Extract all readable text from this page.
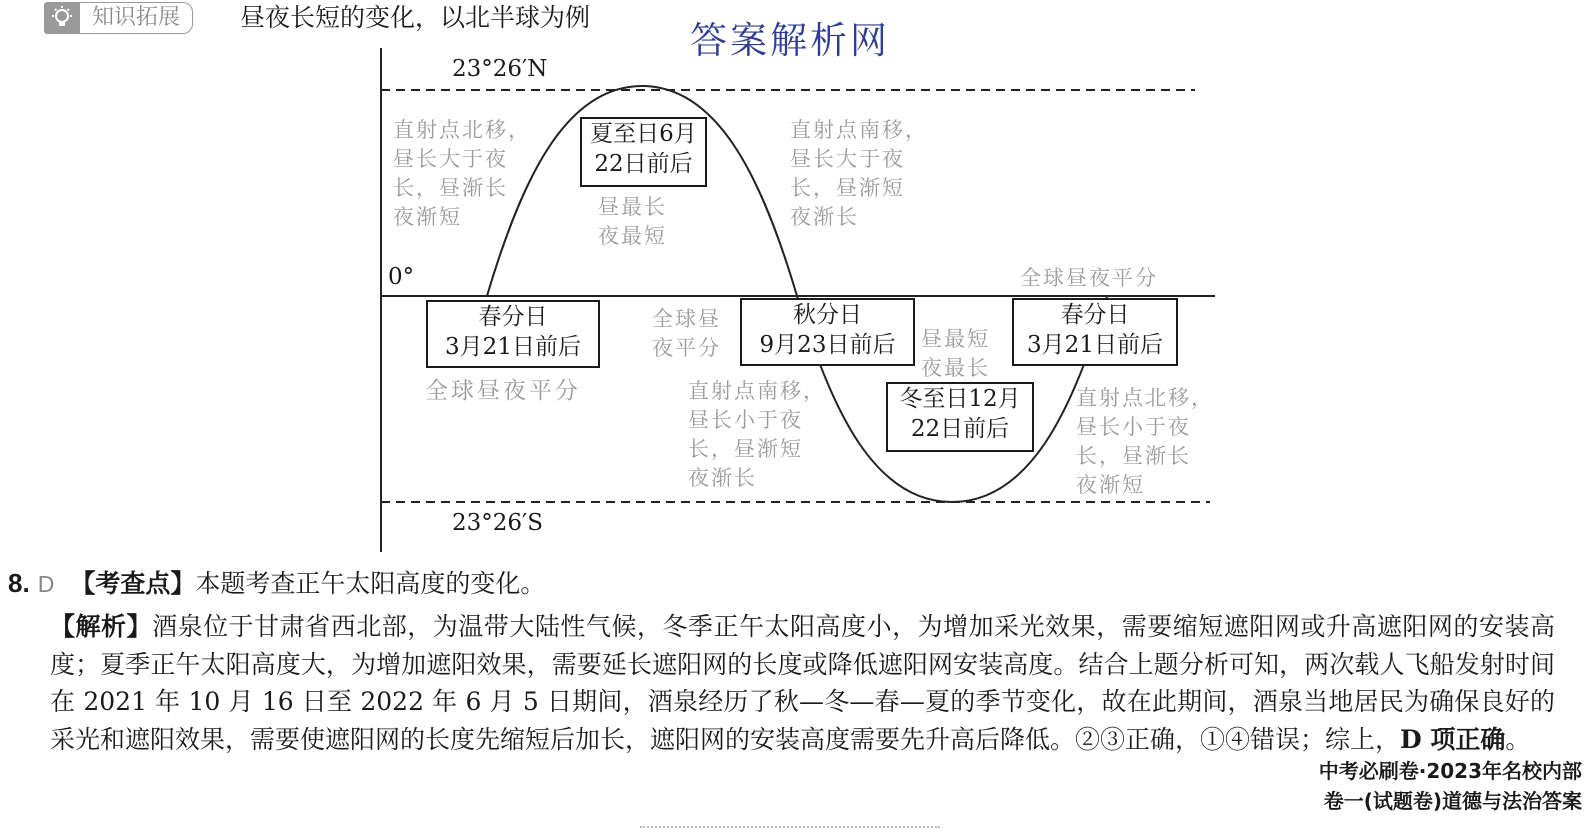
知识拓展	昼夜长短的变化，以北半球为例
答案解析网
23°26′N
0°
23°26′S
夏至日6月
22日前后
春分日
3月21日前后
秋分日
9月23日前后
冬至日12月
22日前后
春分日
3月21日前后
直射点北移，
昼长大于夜
长，昼渐长
夜渐短	昼最长
夜最短
直射点南移，
昼长大于夜
长，昼渐短
夜渐长
全球昼夜平分
全球昼
夜平分	昼最短
夜最长
全球昼夜平分	直射点南移，
昼长小于夜
长，昼渐短
夜渐长
直射点北移，
昼长小于夜
长，昼渐长
夜渐短
8. D 【考查点】本题考查正午太阳高度的变化。
【解析】酒泉位于甘肃省西北部，为温带大陆性气候，冬季正午太阳高度小，为增加采光效果，需要缩短遮阳网或升高遮阳网的安装高度；夏季正午太阳高度大，为增加遮阳效果，需要延长遮阳网的长度或降低遮阳网安装高度。结合上题分析可知，两次载人飞船发射时间在 2021 年 10 月 16 日至 2022 年 6 月 5 日期间，酒泉经历了秋—冬—春—夏的季节变化，故在此期间，酒泉当地居民为确保良好的采光和遮阳效果，需要使遮阳网的长度先缩短后加长，遮阳网的安装高度需要先升高后降低。②③正确，①④错误；综上，D 项正确。
中考必刷卷·2023年名校内部
卷一(试题卷)道德与法治答案
